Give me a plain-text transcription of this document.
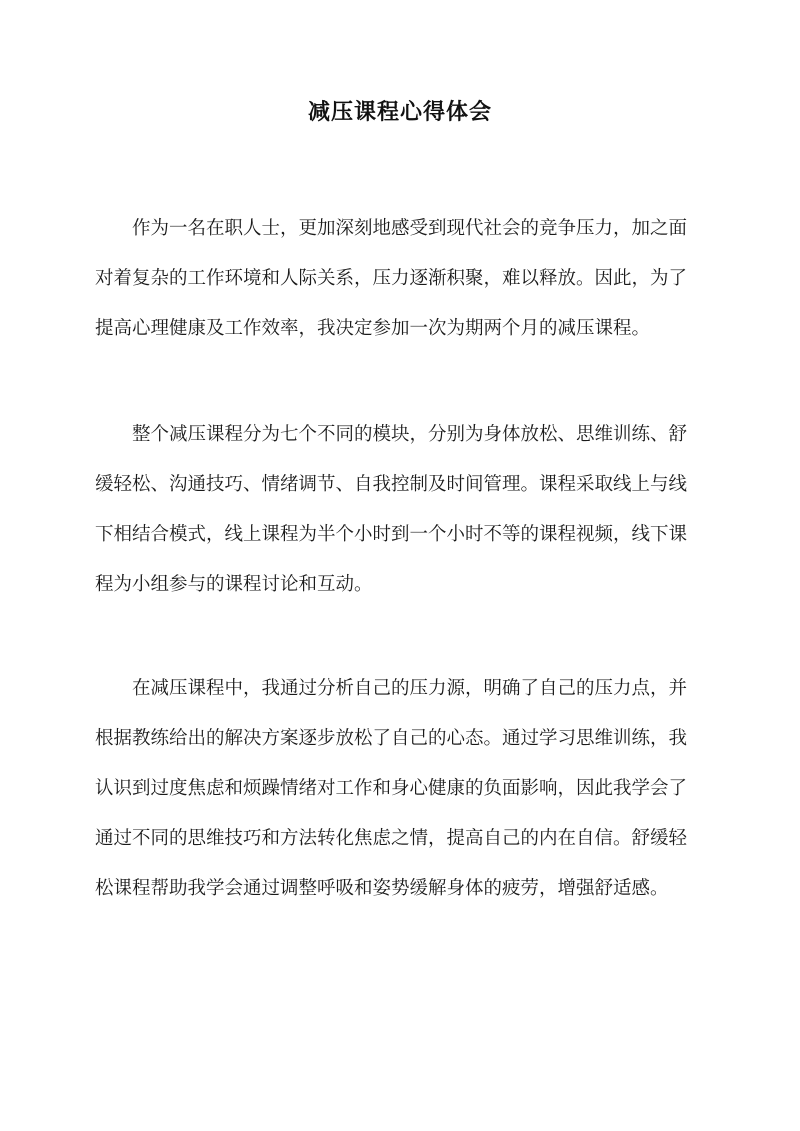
减压课程心得体会

作为一名在职人士，更加深刻地感受到现代社会的竞争压力，加之面
对着复杂的工作环境和人际关系，压力逐渐积聚，难以释放。因此，为了
提高心理健康及工作效率，我决定参加一次为期两个月的减压课程。

整个减压课程分为七个不同的模块，分别为身体放松、思维训练、舒
缓轻松、沟通技巧、情绪调节、自我控制及时间管理。课程采取线上与线
下相结合模式，线上课程为半个小时到一个小时不等的课程视频，线下课
程为小组参与的课程讨论和互动。

在减压课程中，我通过分析自己的压力源，明确了自己的压力点，并
根据教练给出的解决方案逐步放松了自己的心态。通过学习思维训练，我
认识到过度焦虑和烦躁情绪对工作和身心健康的负面影响，因此我学会了
通过不同的思维技巧和方法转化焦虑之情，提高自己的内在自信。舒缓轻
松课程帮助我学会通过调整呼吸和姿势缓解身体的疲劳，增强舒适感。
